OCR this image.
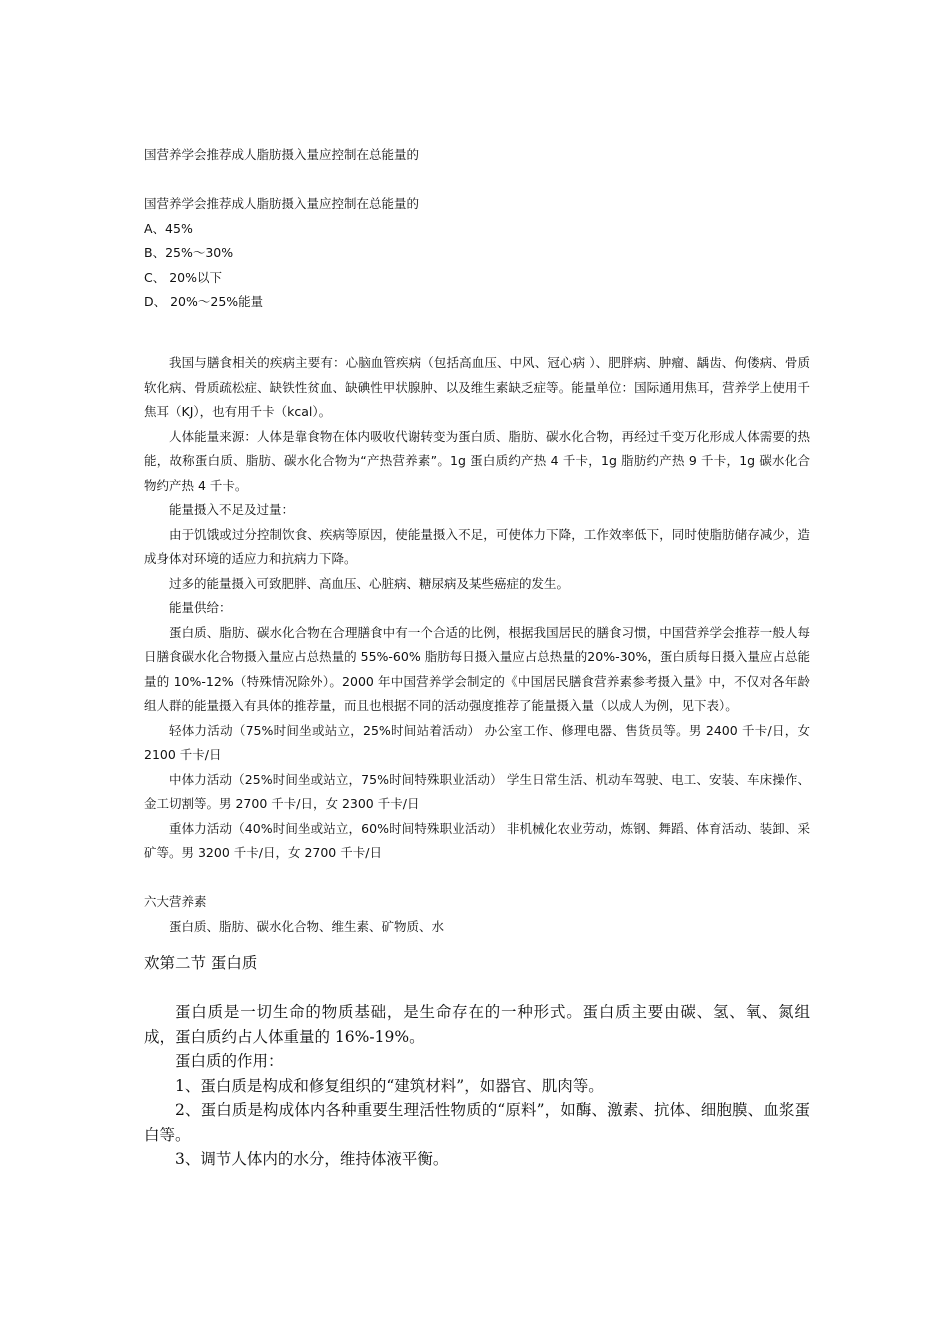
国营养学会推荐成人脂肪摄入量应控制在总能量的

国营养学会推荐成人脂肪摄入量应控制在总能量的

A、45%

B、25%～30%

C、 20%以下

D、 20%～25%能量

我国与膳食相关的疾病主要有：心脑血管疾病（包括高血压、中风、冠心病 ）、肥胖病、肿瘤、龋齿、佝偻病、骨质软化病、骨质疏松症、缺铁性贫血、缺碘性甲状腺肿、以及维生素缺乏症等。能量单位：国际通用焦耳，营养学上使用千焦耳（KJ），也有用千卡（kcal）。

人体能量来源：人体是靠食物在体内吸收代谢转变为蛋白质、脂肪、碳水化合物，再经过千变万化形成人体需要的热能，故称蛋白质、脂肪、碳水化合物为“产热营养素”。1g 蛋白质约产热 4 千卡，1g 脂肪约产热 9 千卡，1g 碳水化合物约产热 4 千卡。

能量摄入不足及过量：

由于饥饿或过分控制饮食、疾病等原因，使能量摄入不足，可使体力下降，工作效率低下，同时使脂肪储存减少，造成身体对环境的适应力和抗病力下降。

过多的能量摄入可致肥胖、高血压、心脏病、糖尿病及某些癌症的发生。

能量供给：

蛋白质、脂肪、碳水化合物在合理膳食中有一个合适的比例，根据我国居民的膳食习惯，中国营养学会推荐一般人每日膳食碳水化合物摄入量应占总热量的 55%-60% 脂肪每日摄入量应占总热量的20%-30%，蛋白质每日摄入量应占总能量的 10%-12%（特殊情况除外）。2000 年中国营养学会制定的《中国居民膳食营养素参考摄入量》中，不仅对各年龄组人群的能量摄入有具体的推荐量，而且也根据不同的活动强度推荐了能量摄入量（以成人为例，见下表）。

轻体力活动（75%时间坐或站立，25%时间站着活动） 办公室工作、修理电器、售货员等。男 2400 千卡/日，女 2100 千卡/日

中体力活动（25%时间坐或站立，75%时间特殊职业活动） 学生日常生活、机动车驾驶、电工、安装、车床操作、金工切割等。男 2700 千卡/日，女 2300 千卡/日

重体力活动（40%时间坐或站立，60%时间特殊职业活动） 非机械化农业劳动，炼钢、舞蹈、体育活动、装卸、采矿等。男 3200 千卡/日，女 2700 千卡/日

六大营养素

蛋白质、脂肪、碳水化合物、维生素、矿物质、水

欢第二节 蛋白质

蛋白质是一切生命的物质基础，是生命存在的一种形式。蛋白质主要由碳、氢、氧、氮组成，蛋白质约占人体重量的 16%-19%。

蛋白质的作用：

1、蛋白质是构成和修复组织的“建筑材料”，如器官、肌肉等。

2、蛋白质是构成体内各种重要生理活性物质的“原料”，如酶、激素、抗体、细胞膜、血浆蛋白等。

3、调节人体内的水分，维持体液平衡。
